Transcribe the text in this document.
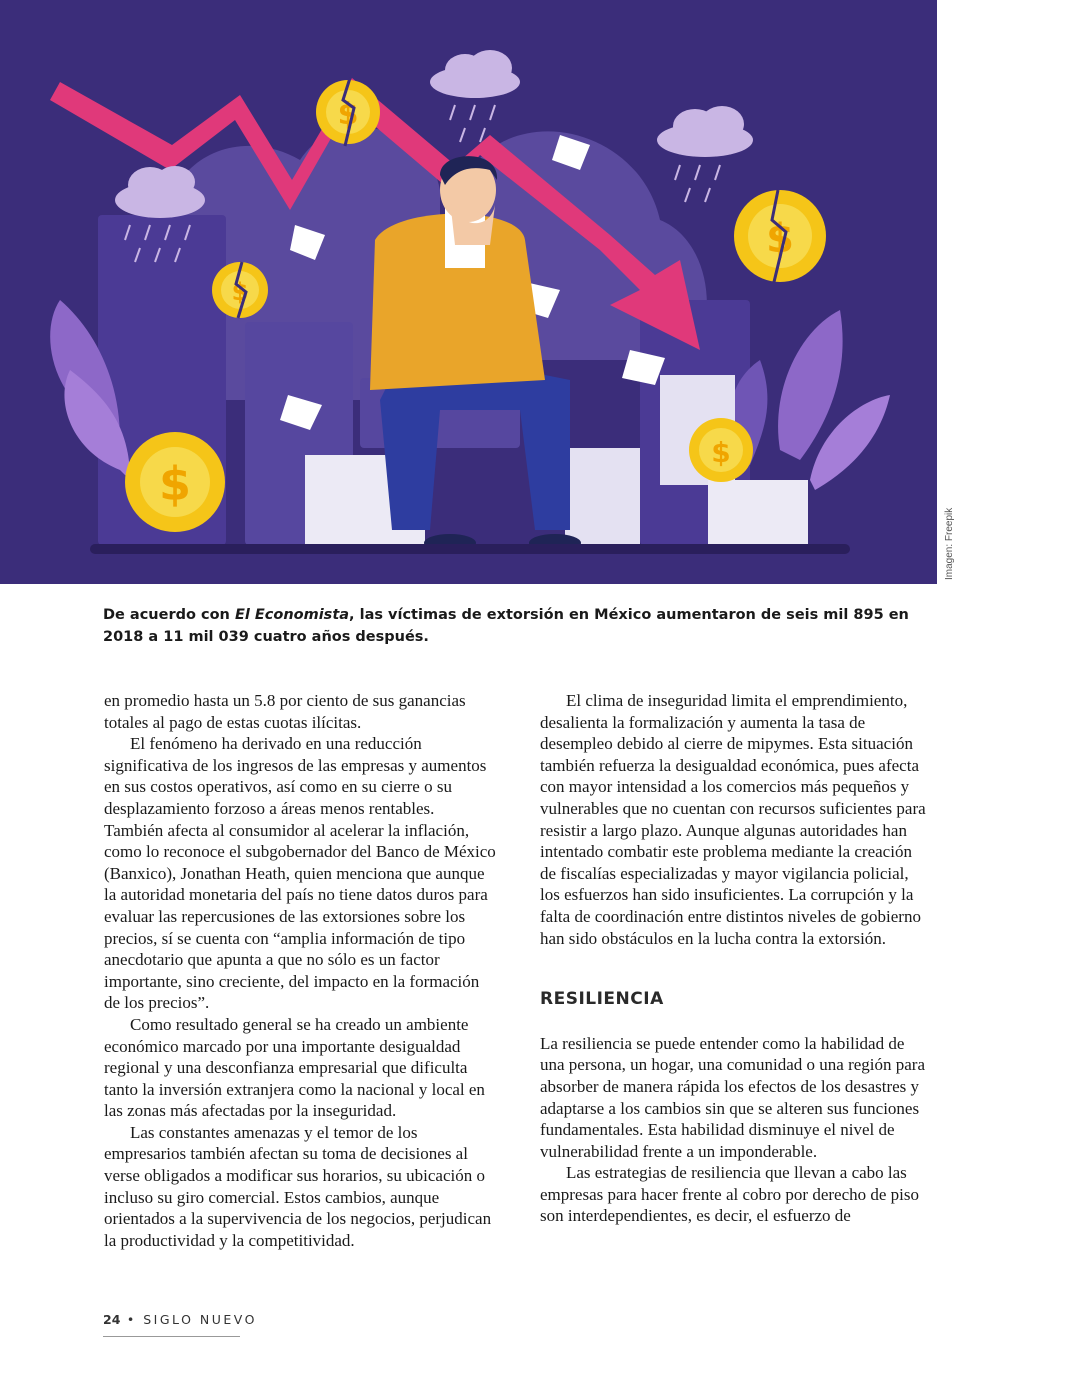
$
$
$
$
$
Imagen: Freepik
De acuerdo con El Economista, las víctimas de extorsión en México aumentaron de seis mil 895 en 2018 a 11 mil 039 cuatro años después.

en promedio hasta un 5.8 por ciento de sus ganancias totales al pago de estas cuotas ilícitas.

El fenómeno ha derivado en una reducción significativa de los ingresos de las empresas y aumentos en sus costos operativos, así como en su cierre o su desplazamiento forzoso a áreas menos rentables. También afecta al consumidor al acelerar la inflación, como lo reconoce el subgobernador del Banco de México (Banxico), Jonathan Heath, quien menciona que aunque la autoridad monetaria del país no tiene datos duros para evaluar las repercusiones de las extorsiones sobre los precios, sí se cuenta con “amplia información de tipo anecdotario que apunta a que no sólo es un factor importante, sino creciente, del impacto en la formación de los precios”.

Como resultado general se ha creado un ambiente económico marcado por una importante desigualdad regional y una desconfianza empresarial que dificulta tanto la inversión extranjera como la nacional y local en las zonas más afectadas por la inseguridad.

Las constantes amenazas y el temor de los empresarios también afectan su toma de decisiones al verse obligados a modificar sus horarios, su ubicación o incluso su giro comercial. Estos cambios, aunque orientados a la supervivencia de los negocios, perjudican la productividad y la competitividad.

El clima de inseguridad limita el emprendimiento, desalienta la formalización y aumenta la tasa de desempleo debido al cierre de mipymes. Esta situación también refuerza la desigualdad económica, pues afecta con mayor intensidad a los comercios más pequeños y vulnerables que no cuentan con recursos suficientes para resistir a largo plazo. Aunque algunas autoridades han intentado combatir este problema mediante la creación de fiscalías especializadas y mayor vigilancia policial, los esfuerzos han sido insuficientes. La corrupción y la falta de coordinación entre distintos niveles de gobierno han sido obstáculos en la lucha contra la extorsión.

RESILIENCIA

La resiliencia se puede entender como la habilidad de una persona, un hogar, una comunidad o una región para absorber de manera rápida los efectos de los desastres y adaptarse a los cambios sin que se alteren sus funciones fundamentales. Esta habilidad disminuye el nivel de vulnerabilidad frente a un imponderable.

Las estrategias de resiliencia que llevan a cabo las empresas para hacer frente al cobro por derecho de piso son interdependientes, es decir, el esfuerzo de

24 • SIGLO NUEVO
